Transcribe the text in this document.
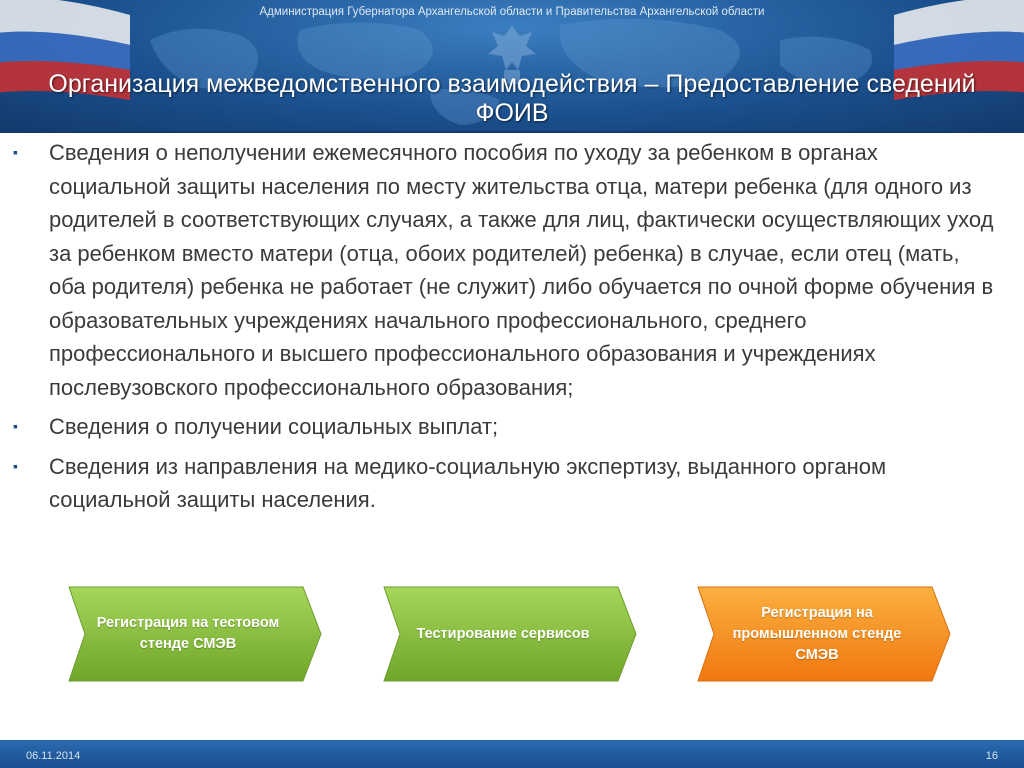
Администрация Губернатора Архангельской области и Правительства Архангельской области
Организация межведомственного взаимодействия – Предоставление сведений ФОИВ
▪ Сведения о неполучении ежемесячного пособия по уходу за ребенком в органах социальной защиты населения по месту жительства отца, матери ребенка (для одного из родителей в соответствующих случаях, а также для лиц, фактически осуществляющих уход за ребенком вместо матери (отца, обоих родителей) ребенка) в случае, если отец (мать, оба родителя) ребенка не работает (не служит) либо обучается по очной форме обучения в образовательных учреждениях начального профессионального, среднего профессионального и высшего профессионального образования и учреждениях послевузовского профессионального образования;
▪ Сведения о получении социальных выплат;
▪ Сведения из направления на медико-социальную экспертизу, выданного органом социальной защиты населения.
Регистрация на тестовом стенде СМЭВ
Тестирование сервисов
Регистрация на промышленном стенде СМЭВ
06.11.2014	16
